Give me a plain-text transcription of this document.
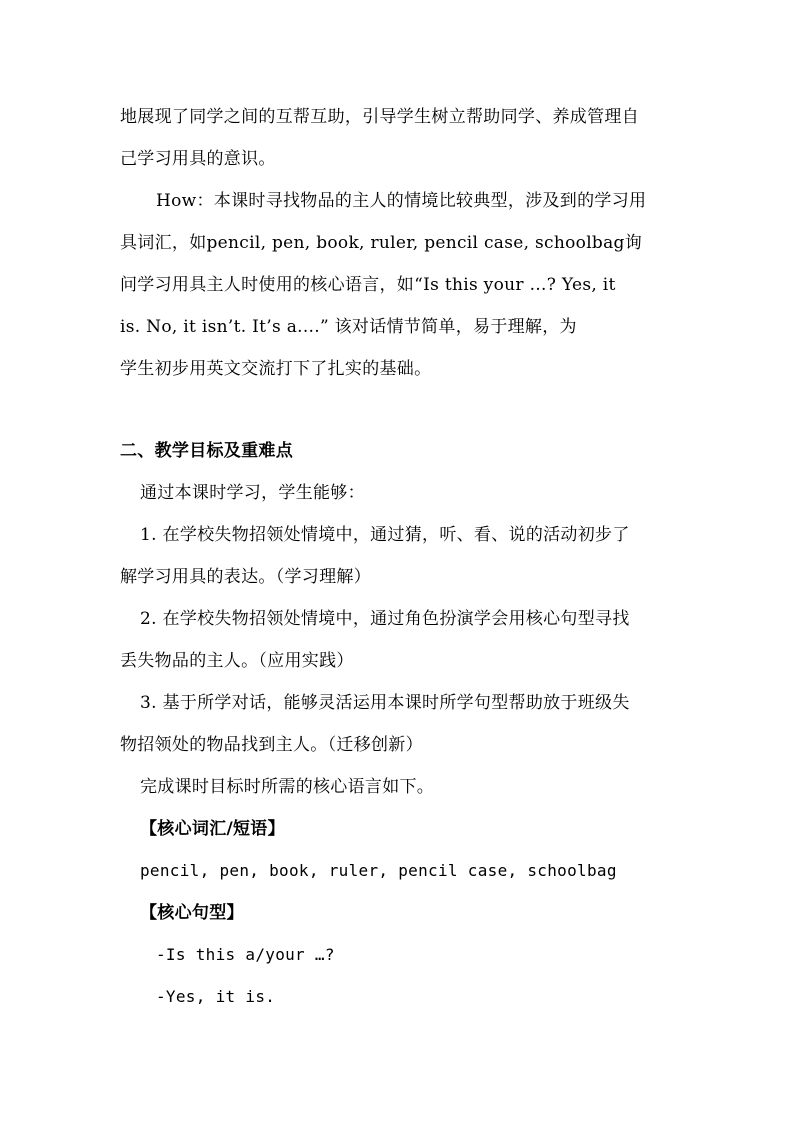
地展现了同学之间的互帮互助，引导学生树立帮助同学、养成管理自
己学习用具的意识。
How：本课时寻找物品的主人的情境比较典型，涉及到的学习用
具词汇，如pencil, pen, book, ruler, pencil case, schoolbag询
问学习用具主人时使用的核心语言，如“Is this your …? Yes, it
is. No, it isn’t. It’s a....” 该对话情节简单，易于理解，为
学生初步用英文交流打下了扎实的基础。
二、教学目标及重难点
通过本课时学习，学生能够：
1. 在学校失物招领处情境中，通过猜，听、看、说的活动初步了
解学习用具的表达。（学习理解）
2. 在学校失物招领处情境中，通过角色扮演学会用核心句型寻找
丢失物品的主人。（应用实践）
3. 基于所学对话，能够灵活运用本课时所学句型帮助放于班级失
物招领处的物品找到主人。（迁移创新）
完成课时目标时所需的核心语言如下。
【核心词汇/短语】
pencil, pen, book, ruler, pencil case, schoolbag
【核心句型】
-Is this a/your …?
-Yes, it is.
